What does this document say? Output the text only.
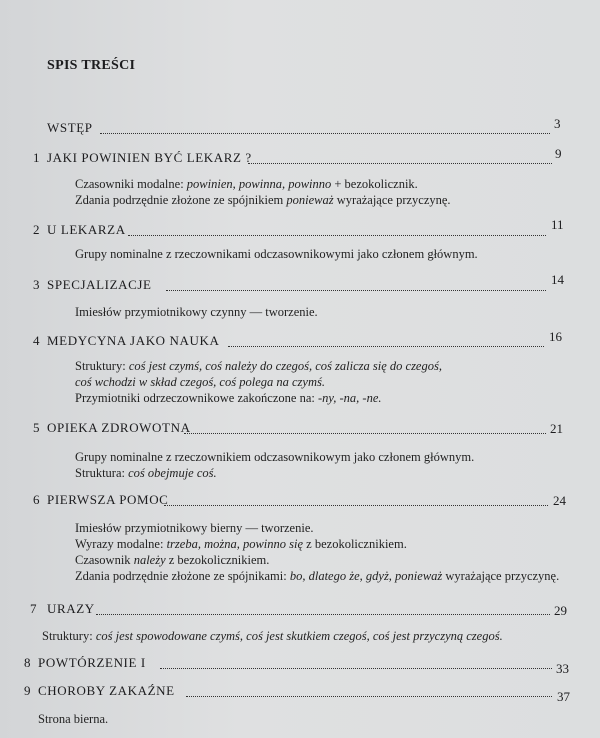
SPIS TREŚCI
WSTĘP	3
1 JAKI POWINIEN BYĆ LEKARZ ?	9
Czasowniki modalne: powinien, powinna, powinno + bezokolicznik.
Zdania podrzędnie złożone ze spójnikiem ponieważ wyrażające przyczynę.
2 U LEKARZA	11
Grupy nominalne z rzeczownikami odczasownikowymi jako członem głównym.
3 SPECJALIZACJE	14
Imiesłów przymiotnikowy czynny — tworzenie.
4 MEDYCYNA JAKO NAUKA	16
Struktury: coś jest czymś, coś należy do czegoś, coś zalicza się do czegoś,
coś wchodzi w skład czegoś, coś polega na czymś.
Przymiotniki odrzeczownikowe zakończone na: -ny, -na, -ne.
5 OPIEKA ZDROWOTNA	21
Grupy nominalne z rzeczownikiem odczasownikowym jako członem głównym.
Struktura: coś obejmuje coś.
6 PIERWSZA POMOC	24
Imiesłów przymiotnikowy bierny — tworzenie.
Wyrazy modalne: trzeba, można, powinno się z bezokolicznikiem.
Czasownik należy z bezokolicznikiem.
Zdania podrzędnie złożone ze spójnikami: bo, dlatego że, gdyż, ponieważ wyrażające przyczynę.
7 URAZY	29
Struktury: coś jest spowodowane czymś, coś jest skutkiem czegoś, coś jest przyczyną czegoś.
8 POWTÓRZENIE I	33
9 CHOROBY ZAKAŹNE	37
Strona bierna.
